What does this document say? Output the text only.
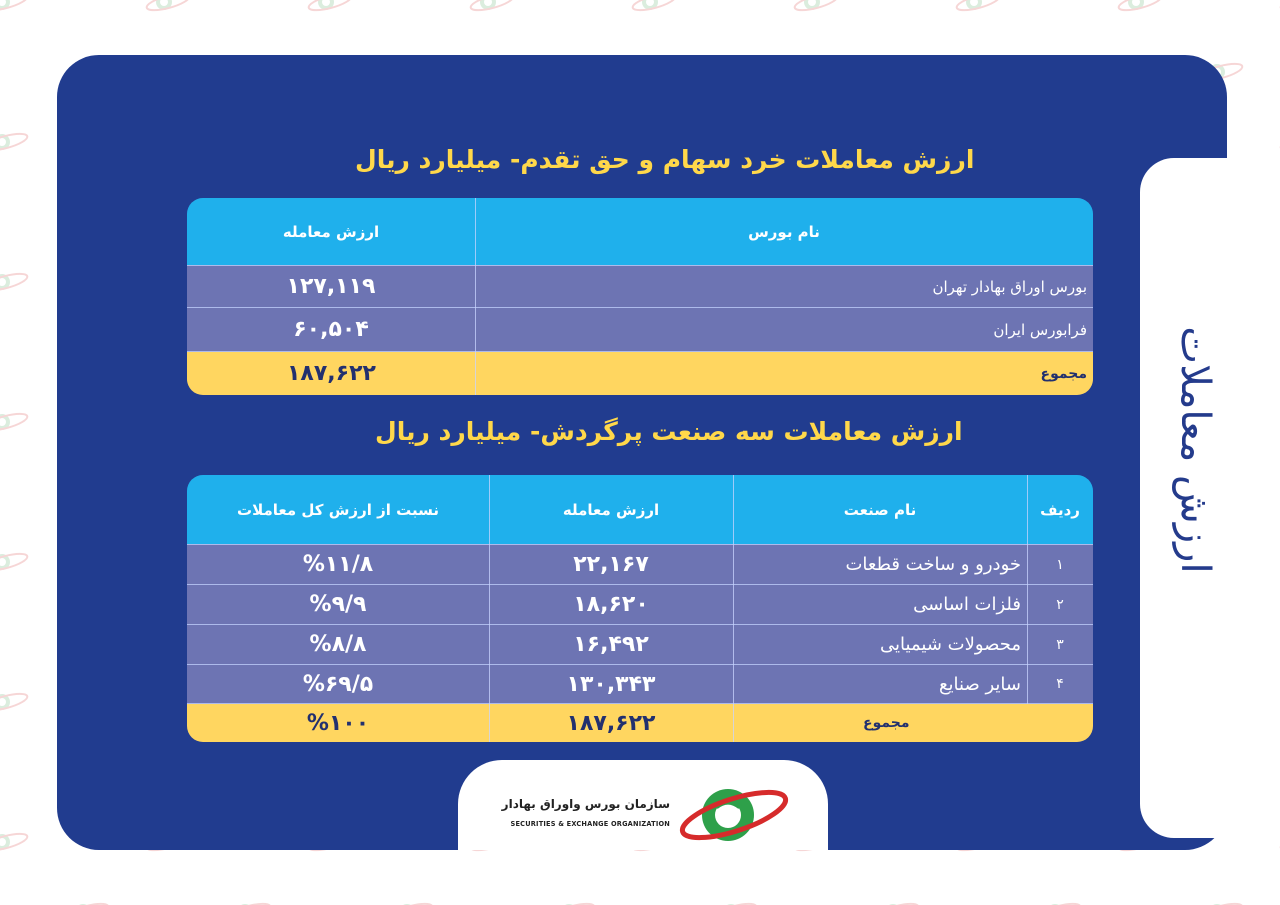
ارزش معاملات
ارزش معاملات خرد سهام و حق تقدم- میلیارد ریال
ارزش معامله	نام بورس
۱۲۷,۱۱۹	بورس اوراق بهادار تهران
۶۰,۵۰۴	فرابورس ایران
۱۸۷,۶۲۲	مجموع
ارزش معاملات سه صنعت پرگردش- میلیارد ریال
نسبت از ارزش کل معاملات	ارزش معامله	نام صنعت	ردیف
%۱۱/۸	۲۲,۱۶۷	خودرو و ساخت قطعات	۱
%۹/۹	۱۸,۶۲۰	فلزات اساسی	۲
%۸/۸	۱۶,۴۹۲	محصولات شیمیایی	۳
%۶۹/۵	۱۳۰,۳۴۳	سایر صنایع	۴
%۱۰۰	۱۸۷,۶۲۲	مجموع
سازمان بورس واوراق بهادار
SECURITIES & EXCHANGE ORGANIZATION
